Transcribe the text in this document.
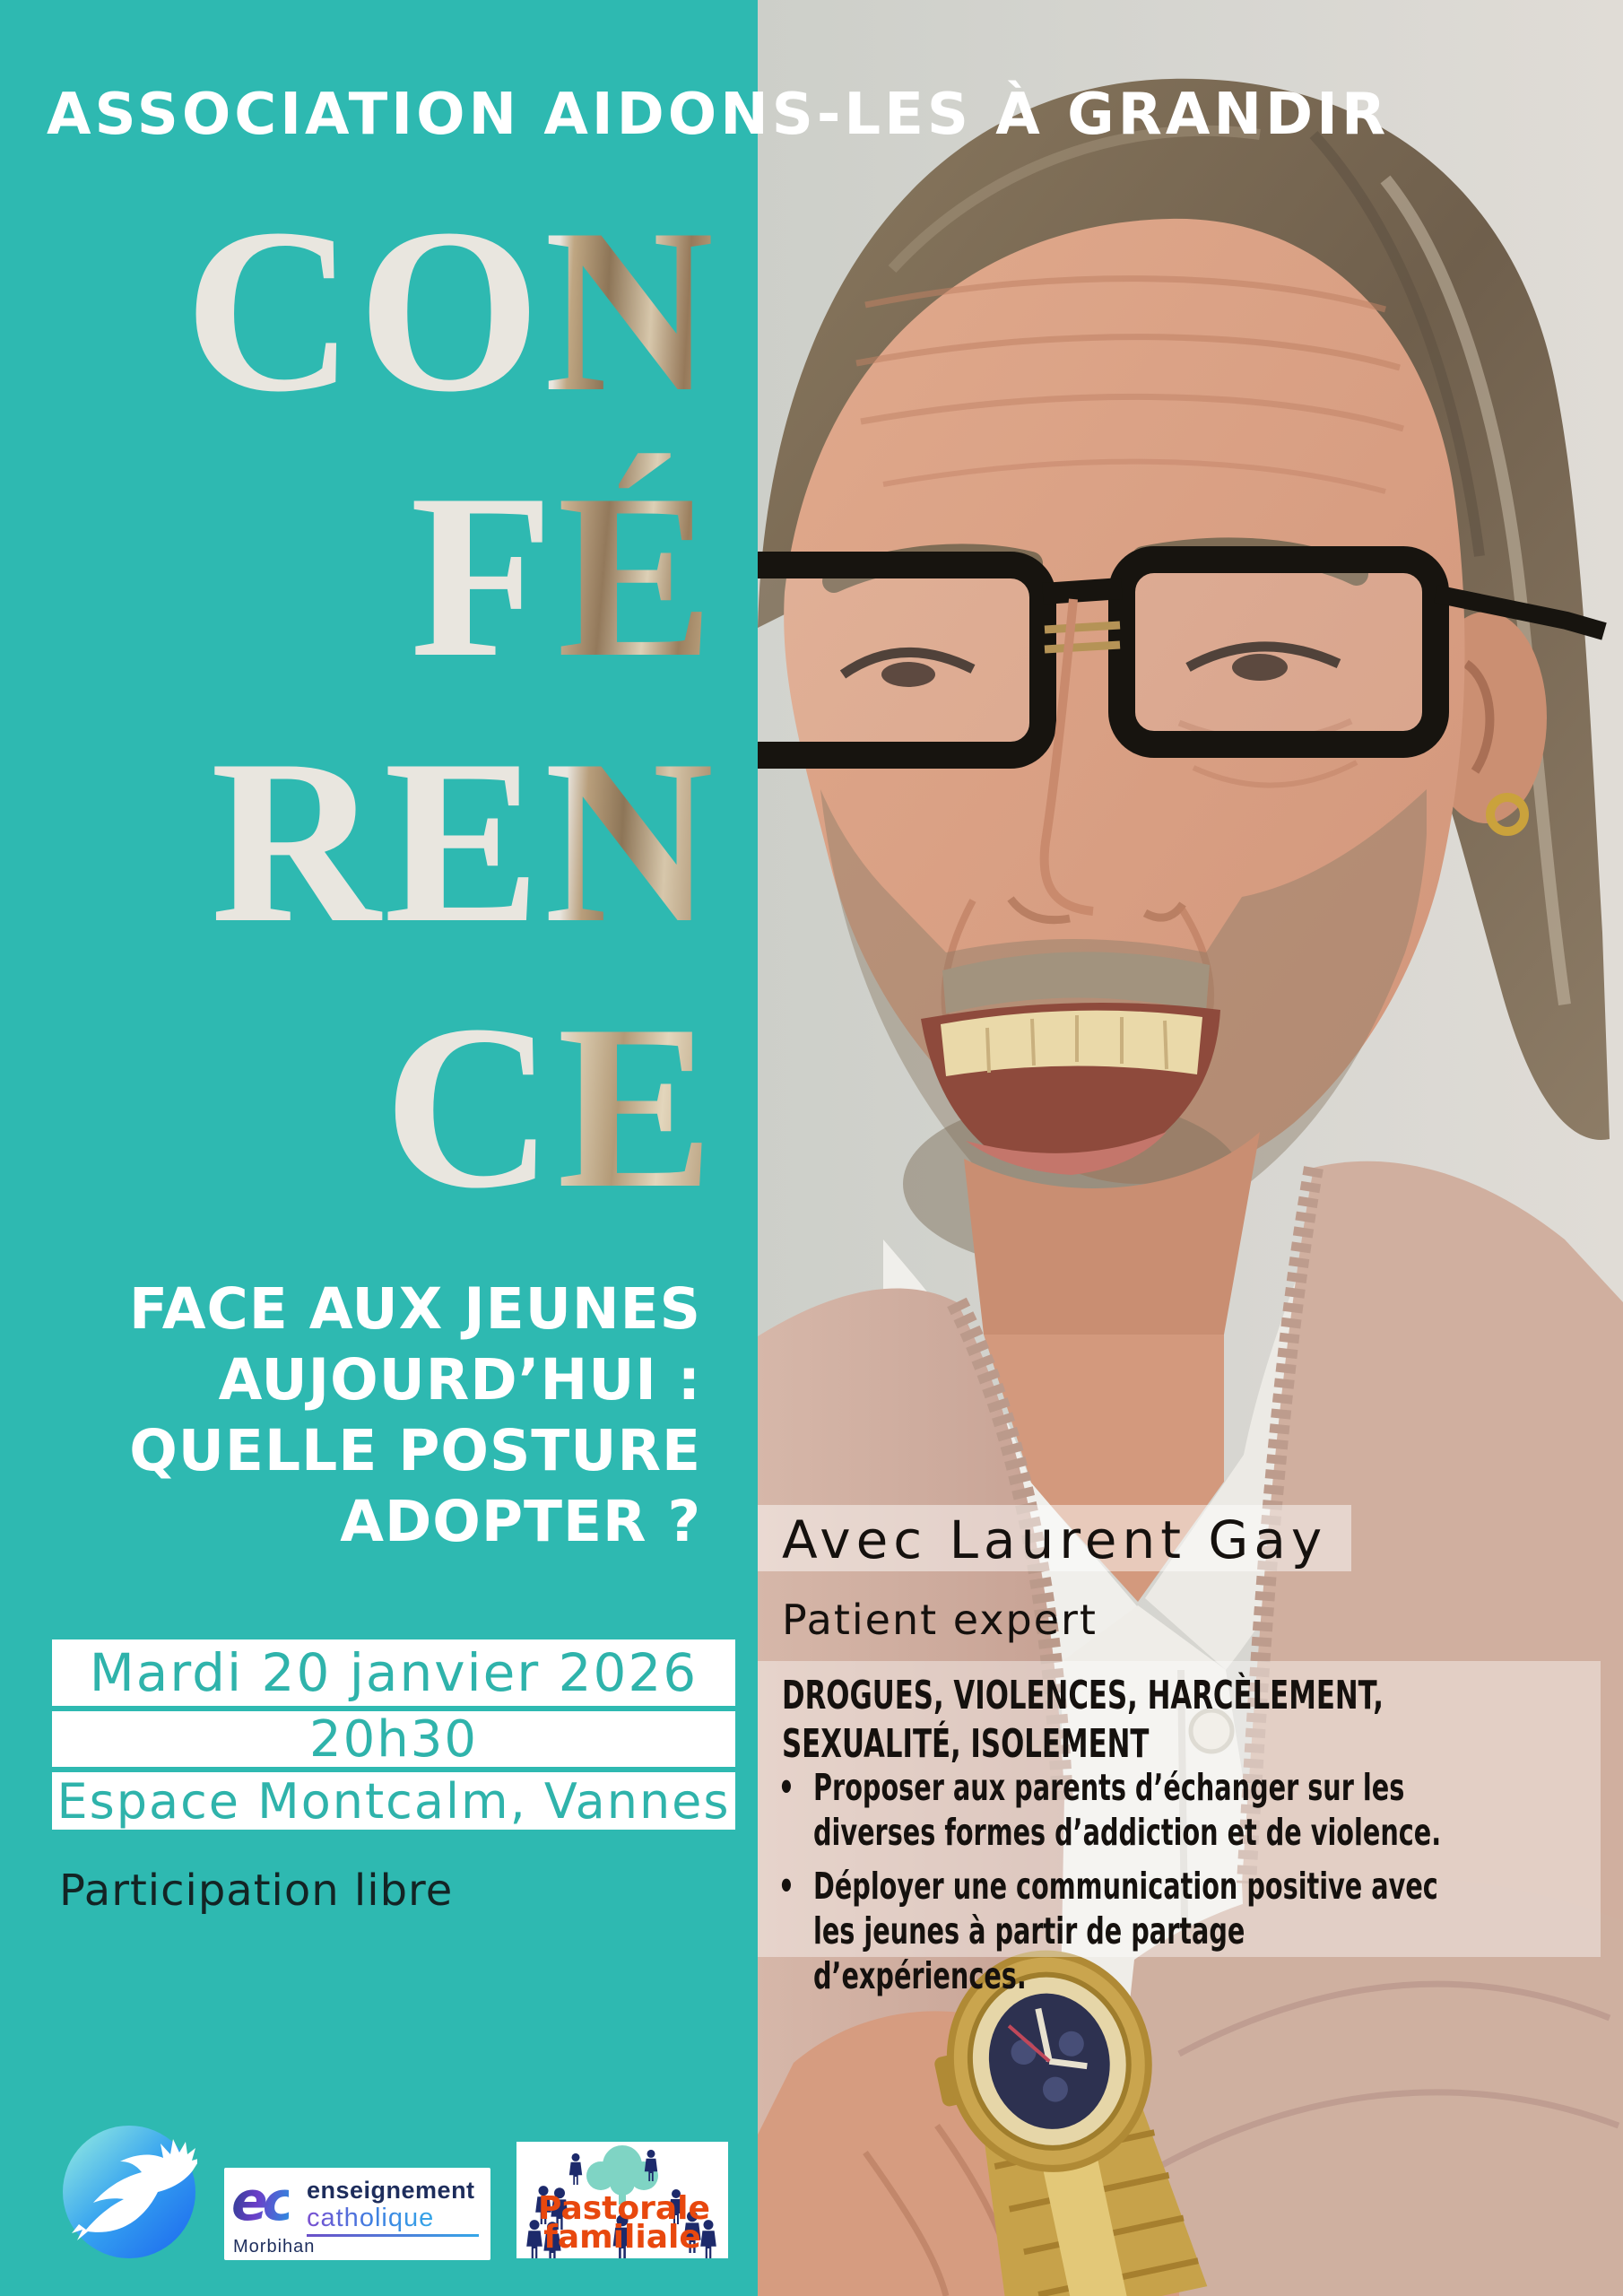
ASSOCIATION AIDONS-LES À GRANDIR
CON
FÉ
REN
CE
FACE AUX JEUNES
AUJOURD’HUI :
QUELLE POSTURE
ADOPTER ?
Mardi 20 janvier 2026
20h30
Espace Montcalm, Vannes
Participation libre
Avec Laurent Gay
Patient expert
DROGUES, VIOLENCES, HARCÈLEMENT,
SEXUALITÉ, ISOLEMENT
• Proposer aux parents d’échanger sur les
diverses formes d’addiction et de violence.
• Déployer une communication positive avec
les jeunes à partir de partage d’expériences.
ec enseignement
catholique
Morbihan
Pastorale
familiale
